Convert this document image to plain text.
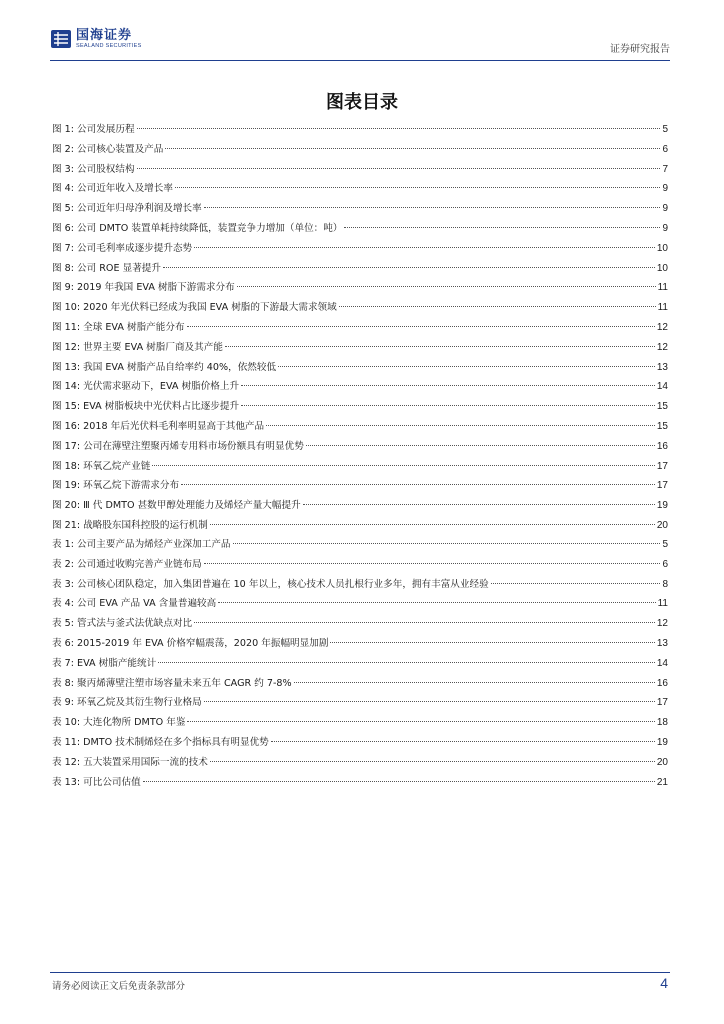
国海证券
SEALAND SECURITIES	证券研究报告
图表目录
图 1: 公司发展历程	5
图 2: 公司核心装置及产品	6
图 3: 公司股权结构	7
图 4: 公司近年收入及增长率	9
图 5: 公司近年归母净利润及增长率	9
图 6: 公司 DMTO 装置单耗持续降低，装置竞争力增加（单位：吨）	9
图 7: 公司毛利率成逐步提升态势	10
图 8: 公司 ROE 显著提升	10
图 9: 2019 年我国 EVA 树脂下游需求分布	11
图 10: 2020 年光伏料已经成为我国 EVA 树脂的下游最大需求领域	11
图 11: 全球 EVA 树脂产能分布	12
图 12: 世界主要 EVA 树脂厂商及其产能	12
图 13: 我国 EVA 树脂产品自给率约 40%，依然较低	13
图 14: 光伏需求驱动下，EVA 树脂价格上升	14
图 15: EVA 树脂板块中光伏料占比逐步提升	15
图 16: 2018 年后光伏料毛利率明显高于其他产品	15
图 17: 公司在薄壁注塑聚丙烯专用料市场份额具有明显优势	16
图 18: 环氧乙烷产业链	17
图 19: 环氧乙烷下游需求分布	17
图 20: Ⅲ 代 DMTO 甚数甲醇处理能力及烯烃产量大幅提升	19
图 21: 战略股东国科控股的运行机制	20
表 1: 公司主要产品为烯烃产业深加工产品	5
表 2: 公司通过收购完善产业链布局	6
表 3: 公司核心团队稳定，加入集团普遍在 10 年以上，核心技术人员扎根行业多年，拥有丰富从业经验	8
表 4: 公司 EVA 产品 VA 含量普遍较高	11
表 5: 管式法与釜式法优缺点对比	12
表 6: 2015-2019 年 EVA 价格窄幅震荡，2020 年振幅明显加剧	13
表 7: EVA 树脂产能统计	14
表 8: 聚丙烯薄壁注塑市场容量未来五年 CAGR 约 7-8%	16
表 9: 环氧乙烷及其衍生物行业格局	17
表 10: 大连化物所 DMTO 年鉴	18
表 11: DMTO 技术制烯烃在多个指标具有明显优势	19
表 12: 五大装置采用国际一流的技术	20
表 13: 可比公司估值	21
请务必阅读正文后免责条款部分	4
